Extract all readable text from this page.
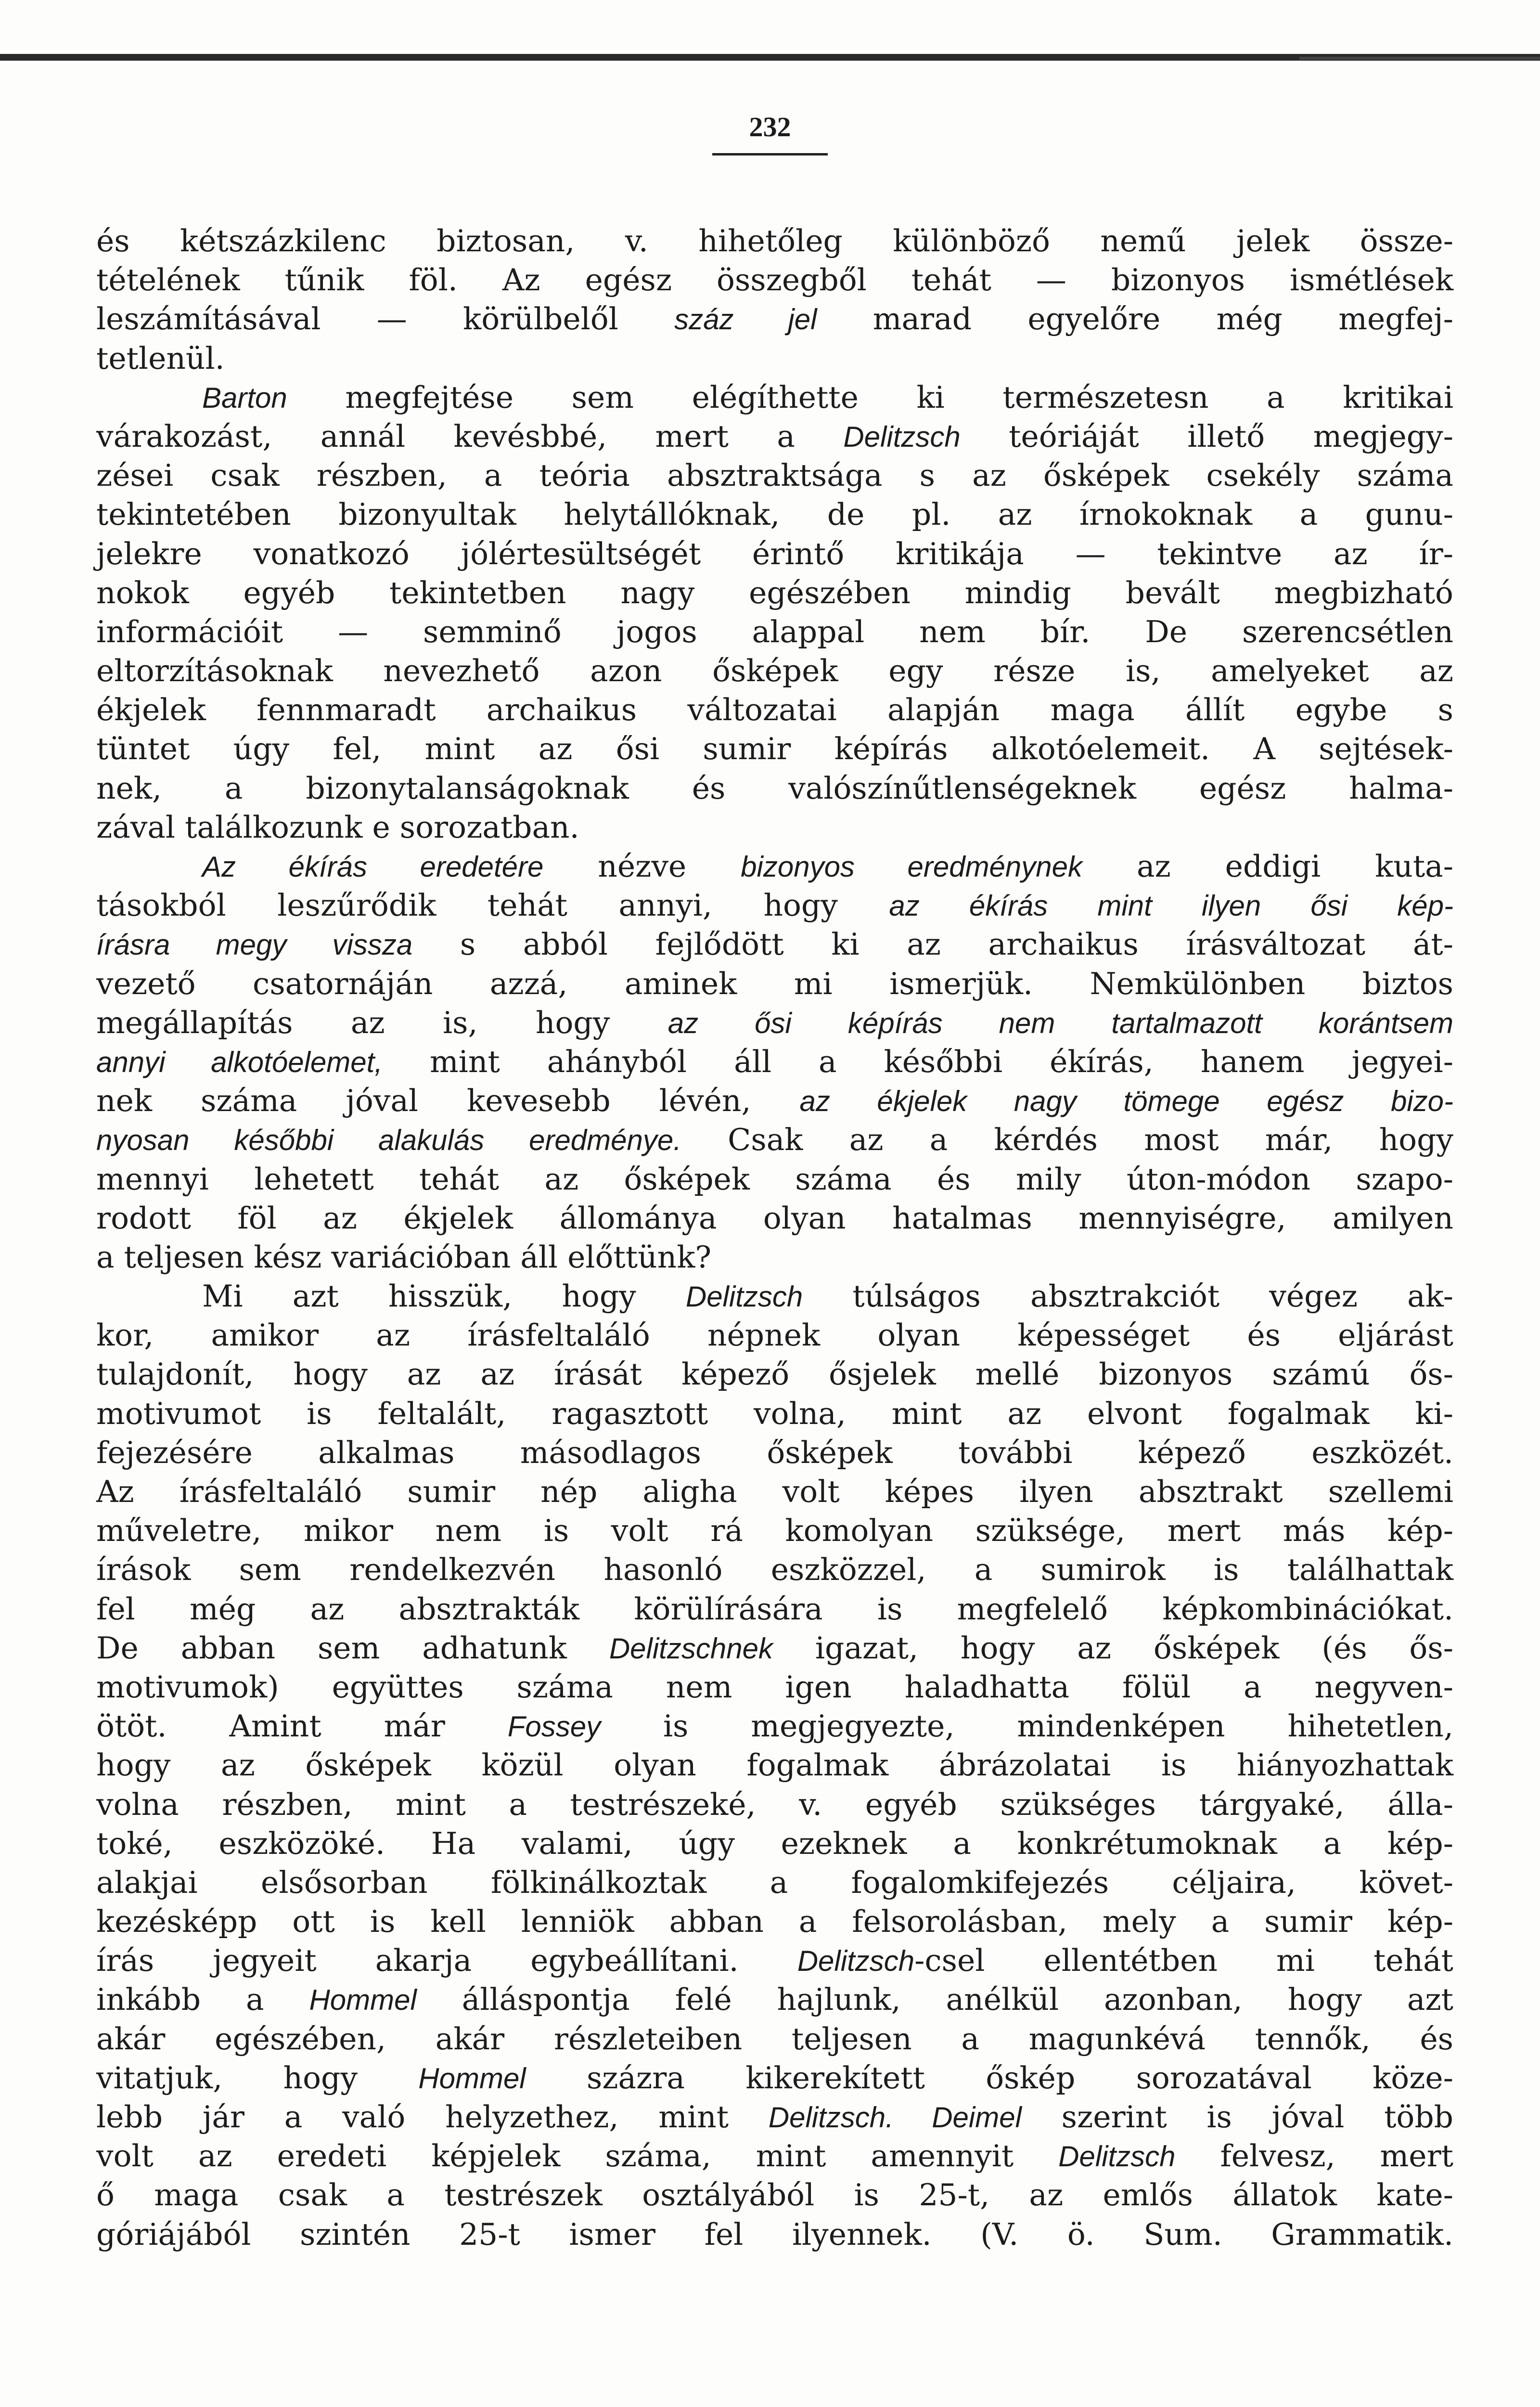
232
és kétszázkilenc biztosan, v. hihetőleg különböző nemű jelek össze-
tételének tűnik föl. Az egész összegből tehát — bizonyos ismétlések
leszámításával — körülbelől száz jel marad egyelőre még megfej-
tetlenül.
Barton megfejtése sem elégíthette ki természetesn a kritikai
várakozást, annál kevésbbé, mert a Delitzsch teóriáját illető megjegy-
zései csak részben, a teória absztraktsága s az ősképek csekély száma
tekintetében bizonyultak helytállóknak, de pl. az írnokoknak a gunu-
jelekre vonatkozó jólértesültségét érintő kritikája — tekintve az ír-
nokok egyéb tekintetben nagy egészében mindig bevált megbizható
információit — semminő jogos alappal nem bír. De szerencsétlen
eltorzításoknak nevezhető azon ősképek egy része is, amelyeket az
ékjelek fennmaradt archaikus változatai alapján maga állít egybe s
tüntet úgy fel, mint az ősi sumir képírás alkotóelemeit. A sejtések-
nek, a bizonytalanságoknak és valószínűtlenségeknek egész halma-
zával találkozunk e sorozatban.
Az ékírás eredetére nézve bizonyos eredménynek az eddigi kuta-
tásokból leszűrődik tehát annyi, hogy az ékírás mint ilyen ősi kép-
írásra megy vissza s abból fejlődött ki az archaikus írásváltozat át-
vezető csatornáján azzá, aminek mi ismerjük. Nemkülönben biztos
megállapítás az is, hogy az ősi képírás nem tartalmazott korántsem
annyi alkotóelemet, mint ahányból áll a későbbi ékírás, hanem jegyei-
nek száma jóval kevesebb lévén, az ékjelek nagy tömege egész bizo-
nyosan későbbi alakulás eredménye. Csak az a kérdés most már, hogy
mennyi lehetett tehát az ősképek száma és mily úton-módon szapo-
rodott föl az ékjelek állománya olyan hatalmas mennyiségre, amilyen
a teljesen kész variációban áll előttünk?
Mi azt hisszük, hogy Delitzsch túlságos absztrakciót végez ak-
kor, amikor az írásfeltaláló népnek olyan képességet és eljárást
tulajdonít, hogy az az írását képező ősjelek mellé bizonyos számú ős-
motivumot is feltalált, ragasztott volna, mint az elvont fogalmak ki-
fejezésére alkalmas másodlagos ősképek további képező eszközét.
Az írásfeltaláló sumir nép aligha volt képes ilyen absztrakt szellemi
műveletre, mikor nem is volt rá komolyan szüksége, mert más kép-
írások sem rendelkezvén hasonló eszközzel, a sumirok is találhattak
fel még az absztrakták körülírására is megfelelő képkombinációkat.
De abban sem adhatunk Delitzschnek igazat, hogy az ősképek (és ős-
motivumok) együttes száma nem igen haladhatta fölül a negyven-
ötöt. Amint már Fossey is megjegyezte, mindenképen hihetetlen,
hogy az ősképek közül olyan fogalmak ábrázolatai is hiányozhattak
volna részben, mint a testrészeké, v. egyéb szükséges tárgyaké, álla-
toké, eszközöké. Ha valami, úgy ezeknek a konkrétumoknak a kép-
alakjai elsősorban fölkinálkoztak a fogalomkifejezés céljaira, követ-
kezésképp ott is kell lenniök abban a felsorolásban, mely a sumir kép-
írás jegyeit akarja egybeállítani. Delitzsch-csel ellentétben mi tehát
inkább a Hommel álláspontja felé hajlunk, anélkül azonban, hogy azt
akár egészében, akár részleteiben teljesen a magunkévá tennők, és
vitatjuk, hogy Hommel százra kikerekített őskép sorozatával köze-
lebb jár a való helyzethez, mint Delitzsch. Deimel szerint is jóval több
volt az eredeti képjelek száma, mint amennyit Delitzsch felvesz, mert
ő maga csak a testrészek osztályából is 25-t, az emlős állatok kate-
góriájából szintén 25-t ismer fel ilyennek. (V. ö. Sum. Grammatik.
